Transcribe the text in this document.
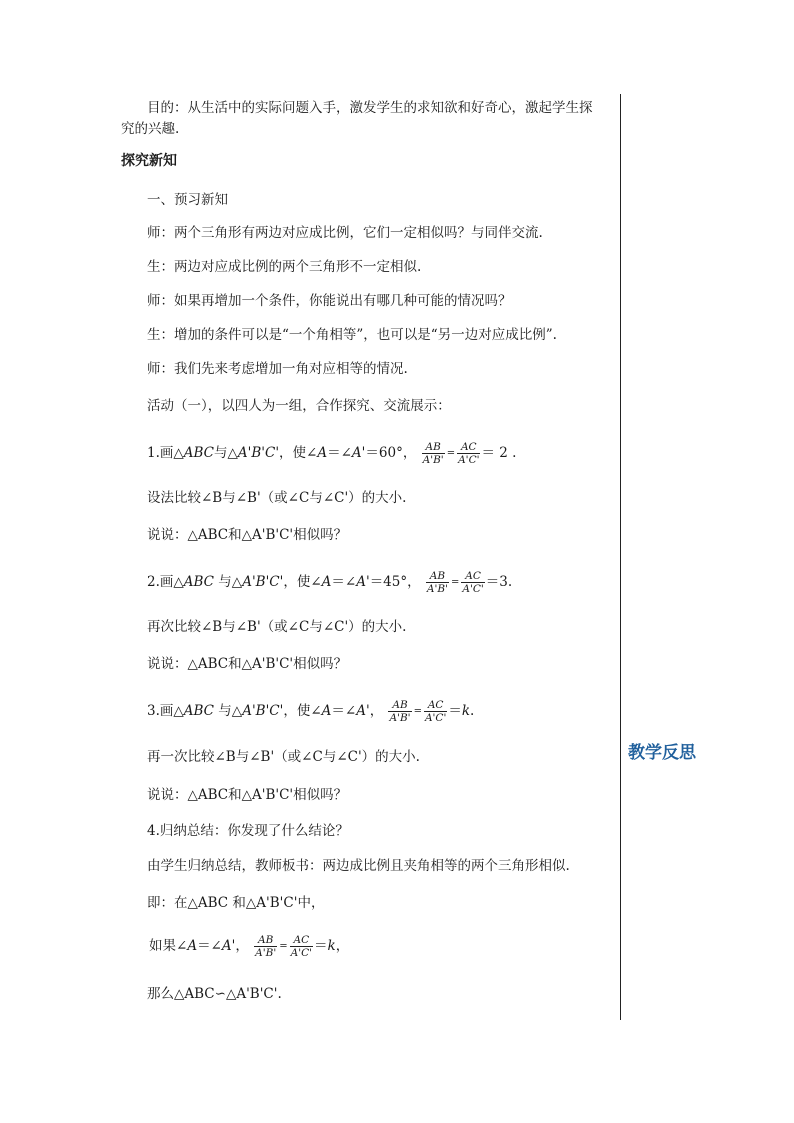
目的：从生活中的实际问题入手，激发学生的求知欲和好奇心，激起学生探
究的兴趣.
探究新知
一、预习新知
师：两个三角形有两边对应成比例，它们一定相似吗？与同伴交流.
生：两边对应成比例的两个三角形不一定相似.
师：如果再增加一个条件，你能说出有哪几种可能的情况吗？
生：增加的条件可以是“一个角相等”，也可以是“另一边对应成比例”.
师：我们先来考虑增加一角对应相等的情况.
活动（一），以四人为一组，合作探究、交流展示：
1.画△ABC与△A'B'C'，使∠A＝∠A'＝60°， $\frac{AB}{A'B'} = \frac{AC}{A'C'} = 2$ .
设法比较∠B与∠B'（或∠C与∠C'）的大小.
说说：△ABC和△A'B'C'相似吗？
2.画△ABC 与△A'B'C'，使∠A＝∠A'＝45°， $\frac{AB}{A'B'} = \frac{AC}{A'C'} =3$.
再次比较∠B与∠B'（或∠C与∠C'）的大小.
说说：△ABC和△A'B'C'相似吗？
3.画△ABC 与△A'B'C'，使∠A＝∠A'， $\frac{AB}{A'B'} = \frac{AC}{A'C'} =k$.
再一次比较∠B与∠B'（或∠C与∠C'）的大小.
说说：△ABC和△A'B'C'相似吗？
4.归纳总结：你发现了什么结论？
由学生归纳总结，教师板书：两边成比例且夹角相等的两个三角形相似.
即：在△ABC 和△A'B'C'中，
如果∠A＝∠A'， $\frac{AB}{A'B'} = \frac{AC}{A'C'} =k$，
那么△ABC∽△A'B'C'.
教学反思
